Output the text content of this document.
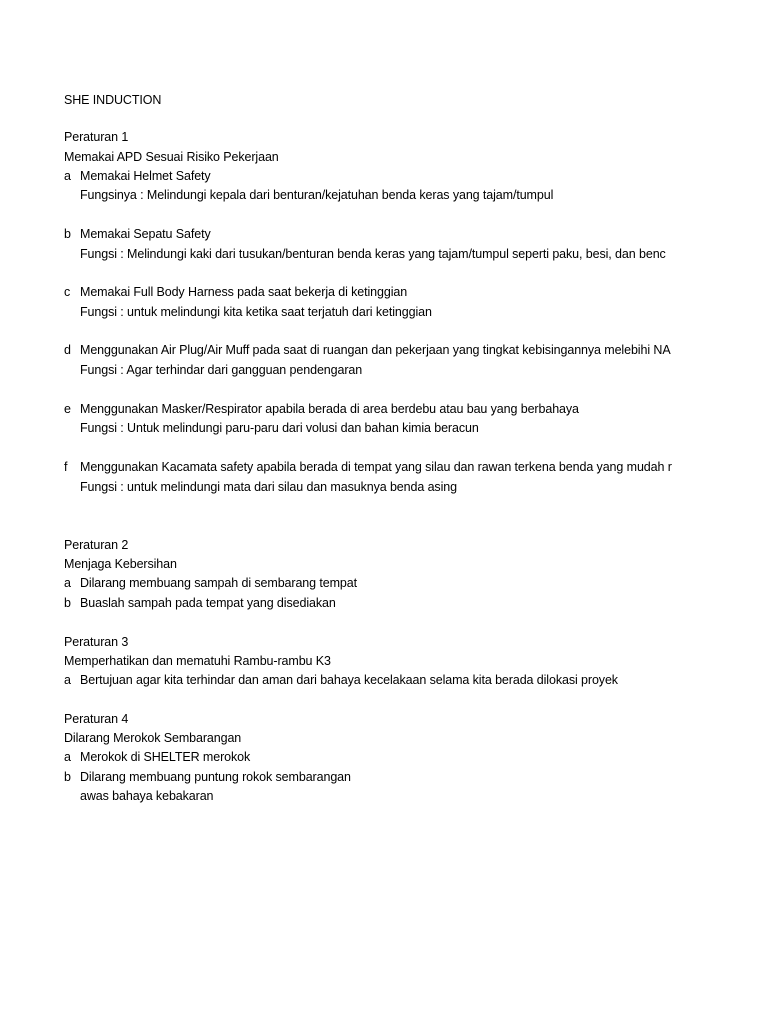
SHE INDUCTION
Peraturan 1
Memakai APD Sesuai Risiko Pekerjaan
a Memakai Helmet Safety
Fungsinya : Melindungi kepala dari benturan/kejatuhan benda keras yang tajam/tumpul
b Memakai Sepatu Safety
Fungsi : Melindungi kaki dari tusukan/benturan benda keras yang tajam/tumpul seperti paku, besi, dan benc
c Memakai Full Body Harness pada saat bekerja di ketinggian
Fungsi : untuk melindungi kita ketika saat terjatuh dari ketinggian
d Menggunakan Air Plug/Air Muff pada saat di ruangan dan pekerjaan yang tingkat kebisingannya melebihi NA
Fungsi : Agar terhindar dari gangguan pendengaran
e Menggunakan Masker/Respirator apabila berada di area berdebu atau bau yang berbahaya
Fungsi : Untuk melindungi paru-paru dari volusi dan bahan kimia beracun
f Menggunakan Kacamata safety apabila berada di tempat yang silau dan rawan terkena benda yang mudah r
Fungsi : untuk melindungi mata dari silau dan masuknya benda asing
Peraturan 2
Menjaga Kebersihan
a Dilarang membuang sampah di sembarang tempat
b Buaslah sampah pada tempat yang disediakan
Peraturan 3
Memperhatikan dan mematuhi Rambu-rambu K3
a Bertujuan agar kita terhindar dan aman dari bahaya kecelakaan selama kita berada dilokasi proyek
Peraturan 4
Dilarang Merokok Sembarangan
a Merokok di SHELTER merokok
b Dilarang membuang puntung rokok sembarangan
awas bahaya kebakaran
